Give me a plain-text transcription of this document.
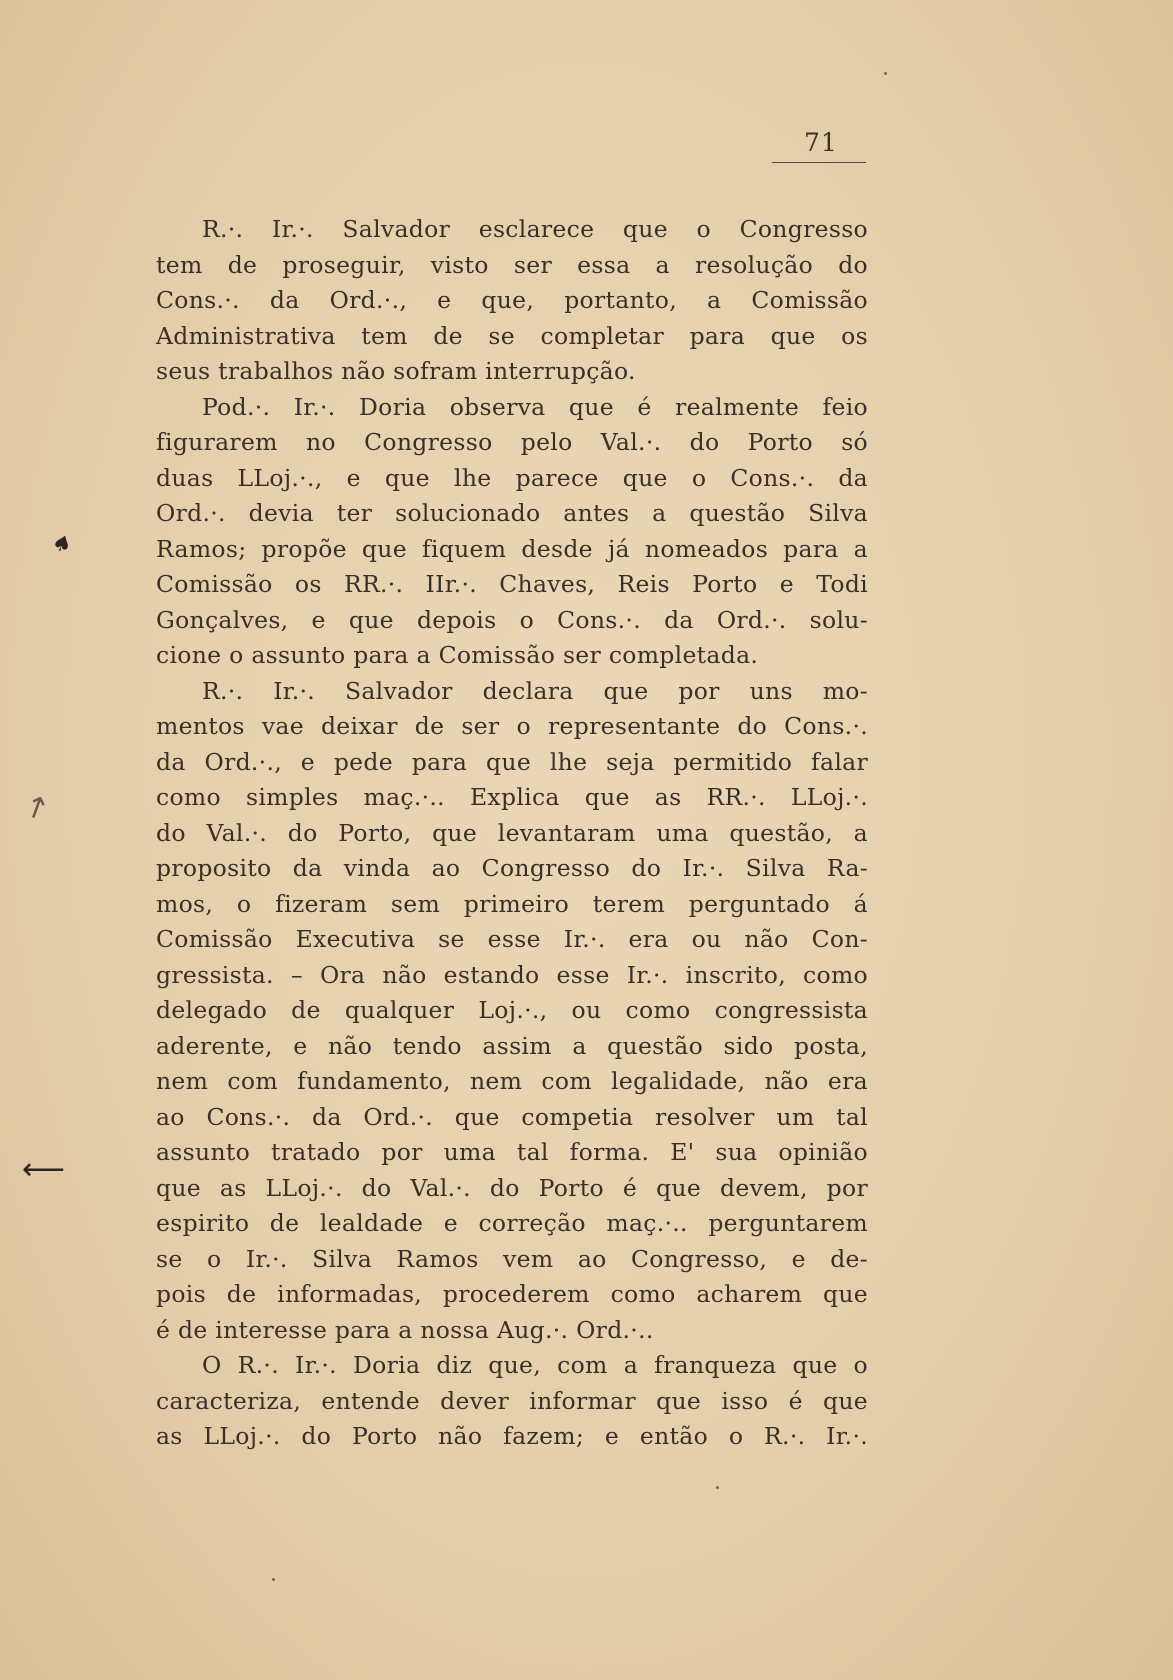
71
R.·. Ir.·. Salvador esclarece que o Congresso
tem de proseguir, visto ser essa a resolução do
Cons.·. da Ord.·., e que, portanto, a Comissão
Administrativa tem de se completar para que os
seus trabalhos não sofram interrupção.
Pod.·. Ir.·. Doria observa que é realmente feio
figurarem no Congresso pelo Val.·. do Porto só
duas LLoj.·., e que lhe parece que o Cons.·. da
Ord.·. devia ter solucionado antes a questão Silva
Ramos; propõe que fiquem desde já nomeados para a
Comissão os RR.·. IIr.·. Chaves, Reis Porto e Todi
Gonçalves, e que depois o Cons.·. da Ord.·. solu-
cione o assunto para a Comissão ser completada.
R.·. Ir.·. Salvador declara que por uns mo-
mentos vae deixar de ser o representante do Cons.·.
da Ord.·., e pede para que lhe seja permitido falar
como simples maç.·.. Explica que as RR.·. LLoj.·.
do Val.·. do Porto, que levantaram uma questão, a
proposito da vinda ao Congresso do Ir.·. Silva Ra-
mos, o fizeram sem primeiro terem perguntado á
Comissão Executiva se esse Ir.·. era ou não Con-
gressista. – Ora não estando esse Ir.·. inscrito, como
delegado de qualquer Loj.·., ou como congressista
aderente, e não tendo assim a questão sido posta,
nem com fundamento, nem com legalidade, não era
ao Cons.·. da Ord.·. que competia resolver um tal
assunto tratado por uma tal forma. E' sua opinião
que as LLoj.·. do Val.·. do Porto é que devem, por
espirito de lealdade e correção maç.·.. perguntarem
se o Ir.·. Silva Ramos vem ao Congresso, e de-
pois de informadas, procederem como acharem que
é de interesse para a nossa Aug.·. Ord.·..
O R.·. Ir.·. Doria diz que, com a franqueza que o
caracteriza, entende dever informar que isso é que
as LLoj.·. do Porto não fazem; e então o R.·. Ir.·.
♠
↗
⟵
